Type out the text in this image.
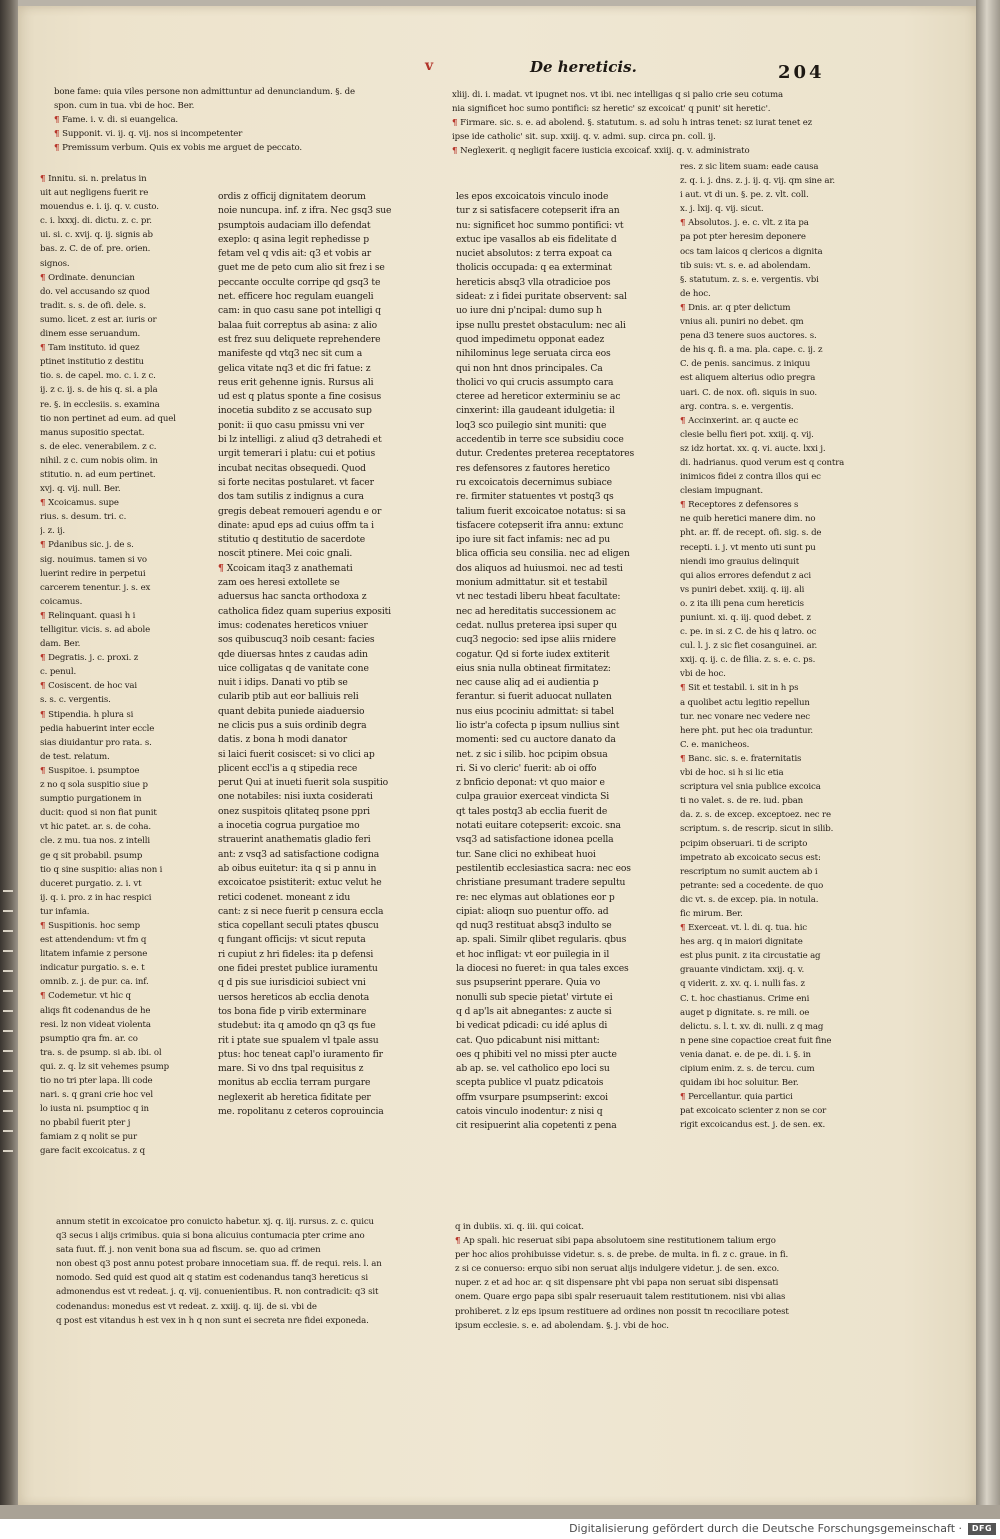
v	De hereticis.	204

bone fame: quia viles persone non admittuntur ad denunciandum. §. de

spon. cum in tua. vbi de hoc. Ber.

¶ Fame. i. v. di. si euangelica.

¶ Supponit. vi. ij. q. vij. nos si incompetenter

¶ Premissum verbum. Quis ex vobis me arguet de peccato.

xliij. di. i. madat. vt ipugnet nos. vt ibi. nec intelligas q si palio crie seu cotuma

nia significet hoc sumo pontifici: sz heretic' sz excoicat' q punit' sit heretic'.

¶ Firmare. sic. s. e. ad abolend. §. statutum. s. ad solu h intras tenet: sz iurat tenet ez

ipse ide catholic' sit. sup. xxiij. q. v. admi. sup. circa pn. coll. ij.

¶ Neglexerit. q negligit facere iusticia excoicaf. xxiij. q. v. administrato

¶ Innitu. si. n. prelatus in

uit aut negligens fuerit re

mouendus e. i. ij. q. v. custo.

c. i. lxxxj. di. dictu. z. c. pr.

ui. si. c. xvij. q. ij. signis ab

bas. z. C. de of. pre. orien.

signos.

¶ Ordinate. denuncian

do. vel accusando sz quod

tradit. s. s. de ofi. dele. s.

sumo. licet. z est ar. iuris or

dinem esse seruandum.

¶ Tam instituto. id quez

ptinet institutio z destitu

tio. s. de capel. mo. c. i. z c.

ij. z c. ij. s. de his q. si. a pla

re. §. in ecclesiis. s. examina

tio non pertinet ad eum. ad quel

manus supositio spectat.

s. de elec. venerabilem. z c.

nihil. z c. cum nobis olim. in

stitutio. n. ad eum pertinet.

xvj. q. vij. null. Ber.

¶ Xcoicamus. supe

rius. s. desum. tri. c.

j. z. ij.

¶ Pdanibus sic. j. de s.

sig. nouimus. tamen si vo

luerint redire in perpetui

carcerem tenentur. j. s. ex

coicamus.

¶ Relinquant. quasi h i

telligitur. vicis. s. ad abole

dam. Ber.

¶ Degratis. j. c. proxi. z

c. penul.

¶ Cosiscent. de hoc vai

s. s. c. vergentis.

¶ Stipendia. h plura si

pedia habuerint inter eccle

sias diuidantur pro rata. s.

de test. relatum.

¶ Suspitoe. i. psumptoe

z no q sola suspitio siue p

sumptio purgationem in

ducit: quod si non fiat punit

vt hic patet. ar. s. de coha.

cle. z mu. tua nos. z intelli

ge q sit probabil. psump

tio q sine suspitio: alias non i

duceret purgatio. z. i. vt

ij. q. i. pro. z in hac respici

tur infamia.

¶ Suspitionis. hoc semp

est attendendum: vt fm q

litatem infamie z persone

indicatur purgatio. s. e. t

omnib. z. j. de pur. ca. inf.

¶ Codemetur. vt hic q

aliqs fit codenandus de he

resi. lz non videat violenta

psumptio qra fm. ar. co

tra. s. de psump. si ab. ibi. ol

qui. z. q. lz sit vehemes psump

tio no tri pter lapa. lli code

nari. s. q grani crie hoc vel

lo iusta ni. psumptioc q in

no pbabil fuerit pter j

famiam z q nolit se pur

gare facit excoicatus. z q

ordis z officij dignitatem deorum

noie nuncupa. inf. z ifra. Nec gsq3 sue

psumptois audaciam illo defendat

exeplo: q asina legit rephedisse p

fetam vel q vdis ait: q3 et vobis ar

guet me de peto cum alio sit frez i se

peccante occulte corripe qd gsq3 te

net. efficere hoc regulam euangeli

cam: in quo casu sane pot intelligi q

balaa fuit correptus ab asina: z alio

est frez suu deliquete reprehendere

manifeste qd vtq3 nec sit cum a

gelica vitate nq3 et dic fri fatue: z

reus erit gehenne ignis. Rursus ali

ud est q platus sponte a fine cosisus

inocetia subdito z se accusato sup

ponit: ii quo casu pmissu vni ver

bi lz intelligi. z aliud q3 detrahedi et

urgit temerari i platu: cui et potius

incubat necitas obsequedi. Quod

si forte necitas postularet. vt facer

dos tam sutilis z indignus a cura

gregis debeat remoueri agendu e or

dinate: apud eps ad cuius offm ta i

stitutio q destitutio de sacerdote

noscit ptinere. Mei coic gnali.

¶ Xcoicam itaq3 z anathemati

zam oes heresi extollete se

aduersus hac sancta orthodoxa z

catholica fidez quam superius expositi

imus: codenates hereticos vniuer

sos quibuscuq3 noib cesant: facies

qde diuersas hntes z caudas adin

uice colligatas q de vanitate cone

nuit i idips. Danati vo ptib se

cularib ptib aut eor balliuis reli

quant debita puniede aiaduersio

ne clicis pus a suis ordinib degra

datis. z bona h modi danator

si laici fuerit cosiscet: si vo clici ap

plicent eccl'is a q stipedia rece

perut Qui at inueti fuerit sola suspitio

one notabiles: nisi iuxta cosiderati

onez suspitois qlitateq psone ppri

a inocetia cogrua purgatioe mo

strauerint anathematis gladio feri

ant: z vsq3 ad satisfactione codigna

ab oibus euitetur: ita q si p annu in

excoicatoe psistiterit: extuc velut he

retici codenet. moneant z idu

cant: z si nece fuerit p censura eccla

stica copellant seculi ptates qbuscu

q fungant officijs: vt sicut reputa

ri cupiut z hri fideles: ita p defensi

one fidei prestet publice iuramentu

q d pis sue iurisdicioi subiect vni

uersos hereticos ab ecclia denota

tos bona fide p virib exterminare

studebut: ita q amodo qn q3 qs fue

rit i ptate sue spualem vl tpale assu

ptus: hoc teneat capl'o iuramento fir

mare. Si vo dns tpal requisitus z

monitus ab ecclia terram purgare

neglexerit ab heretica fiditate per

me. ropolitanu z ceteros coprouincia

les epos excoicatois vinculo inode

tur z si satisfacere cotepserit ifra an

nu: significet hoc summo pontifici: vt

extuc ipe vasallos ab eis fidelitate d

nuciet absolutos: z terra expoat ca

tholicis occupada: q ea exterminat

hereticis absq3 vlla otradicioe pos

sideat: z i fidei puritate observent: sal

uo iure dni p'ncipal: dumo sup h

ipse nullu prestet obstaculum: nec ali

quod impedimetu opponat eadez

nihilominus lege seruata circa eos

qui non hnt dnos principales. Ca

tholici vo qui crucis assumpto cara

cteree ad hereticor exterminiu se ac

cinxerint: illa gaudeant idulgetia: il

loq3 sco puilegio sint muniti: que

accedentib in terre sce subsidiu coce

dutur. Credentes preterea receptatores

res defensores z fautores heretico

ru excoicatois decernimus subiace

re. firmiter statuentes vt postq3 qs

talium fuerit excoicatoe notatus: si sa

tisfacere cotepserit ifra annu: extunc

ipo iure sit fact infamis: nec ad pu

blica officia seu consilia. nec ad eligen

dos aliquos ad huiusmoi. nec ad testi

monium admittatur. sit et testabil

vt nec testadi liberu hbeat facultate:

nec ad hereditatis successionem ac

cedat. nullus preterea ipsi super qu

cuq3 negocio: sed ipse aliis rnidere

cogatur. Qd si forte iudex extiterit

eius snia nulla obtineat firmitatez:

nec cause aliq ad ei audientia p

ferantur. si fuerit aduocat nullaten

nus eius pcociniu admittat: si tabel

lio istr'a cofecta p ipsum nullius sint

momenti: sed cu auctore danato da

net. z sic i silib. hoc pcipim obsua

ri. Si vo cleric' fuerit: ab oi offo

z bnficio deponat: vt quo maior e

culpa grauior exerceat vindicta Si

qt tales postq3 ab ecclia fuerit de

notati euitare cotepserit: excoic. sna

vsq3 ad satisfactione idonea pcella

tur. Sane clici no exhibeat huoi

pestilentib ecclesiastica sacra: nec eos

christiane presumant tradere sepultu

re: nec elymas aut oblationes eor p

cipiat: alioqn suo puentur offo. ad

qd nuq3 restituat absq3 indulto se

ap. spali. Similr qlibet regularis. qbus

et hoc infligat: vt eor puilegia in il

la diocesi no fueret: in qua tales exces

sus psupserint pperare. Quia vo

nonulli sub specie pietat' virtute ei

q d ap'ls ait abnegantes: z aucte si

bi vedicat pdicadi: cu idé aplus di

cat. Quo pdicabunt nisi mittant:

oes q phibiti vel no missi pter aucte

ab ap. se. vel catholico epo loci su

scepta publice vl puatz pdicatois

offm vsurpare psumpserint: excoi

catois vinculo inodentur: z nisi q

cit resipuerint alia copetenti z pena

res. z sic litem suam: eade causa

z. q. i. j. dns. z. j. ij. q. vij. qm sine ar.

i aut. vt di un. §. pe. z. vlt. coll.

x. j. lxij. q. vij. sicut.

¶ Absolutos. j. e. c. vlt. z ita pa

pa pot pter heresim deponere

ocs tam laicos q clericos a dignita

tib suis: vt. s. e. ad abolendam.

§. statutum. z. s. e. vergentis. vbi

de hoc.

¶ Dnis. ar. q pter delictum

vnius ali. puniri no debet. qm

pena d3 tenere suos auctores. s.

de his q. fi. a ma. pla. cape. c. ij. z

C. de penis. sancimus. z iniquu

est aliquem alterius odio pregra

uari. C. de nox. ofi. siquis in suo.

arg. contra. s. e. vergentis.

¶ Accinxerint. ar. q aucte ec

clesie bellu fieri pot. xxiij. q. vij.

sz idz hortat. xx. q. vi. aucte. lxxi j.

di. hadrianus. quod verum est q contra

inimicos fidei z contra illos qui ec

clesiam impugnant.

¶ Receptores z defensores s

ne quib heretici manere dim. no

pht. ar. ff. de recept. ofi. sig. s. de

recepti. i. j. vt mento uti sunt pu

niendi imo grauius delinquit

qui alios errores defendut z aci

vs puniri debet. xxiij. q. iij. ali

o. z ita illi pena cum hereticis

puniunt. xi. q. iij. quod debet. z

c. pe. in si. z C. de his q latro. oc

cul. l. j. z sic fiet cosanguinei. ar.

xxij. q. ij. c. de filia. z. s. e. c. ps.

vbi de hoc.

¶ Sit et testabil. i. sit in h ps

a quolibet actu legitio repellun

tur. nec vonare nec vedere nec

here pht. put hec oia traduntur.

C. e. manicheos.

¶ Banc. sic. s. e. fraternitatis

vbi de hoc. si h si lic etia

scriptura vel snia publice excoica

ti no valet. s. de re. iud. pban

da. z. s. de excep. exceptoez. nec re

scriptum. s. de rescrip. sicut in silib.

pcipim obseruari. ti de scripto

impetrato ab excoicato secus est:

rescriptum no sumit auctem ab i

petrante: sed a cocedente. de quo

dic vt. s. de excep. pia. in notula.

fic mirum. Ber.

¶ Exerceat. vt. l. di. q. tua. hic

hes arg. q in maiori dignitate

est plus punit. z ita circustatie ag

grauante vindictam. xxij. q. v.

q viderit. z. xv. q. i. nulli fas. z

C. t. hoc chastianus. Crime eni

auget p dignitate. s. re mili. oe

delictu. s. l. t. xv. di. nulli. z q mag

n pene sine copactioe creat fuit fine

venia danat. e. de pe. di. i. §. in

cipium enim. z. s. de tercu. cum

quidam ibi hoc soluitur. Ber.

¶ Percellantur. quia partici

pat excoicato scienter z non se cor

rigit excoicandus est. j. de sen. ex.

annum stetit in excoicatoe pro conuicto habetur. xj. q. iij. rursus. z. c. quicu

q3 secus i alijs crimibus. quia si bona alicuius contumacia pter crime ano

sata fuut. ff. j. non venit bona sua ad fiscum. se. quo ad crimen

non obest q3 post annu potest probare innocetiam sua. ff. de requi. reis. l. an

nomodo. Sed quid est quod ait q statim est codenandus tanq3 hereticus si

admonendus est vt redeat. j. q. vij. conuenientibus. R. non contradicit: q3 sit

codenandus: monedus est vt redeat. z. xxiij. q. iij. de si. vbi de

q post est vitandus h est vex in h q non sunt ei secreta nre fidei exponeda.

q in dubiis. xi. q. iii. qui coicat.

¶ Ap spali. hic reseruat sibi papa absolutoem sine restitutionem talium ergo

per hoc alios prohibuisse videtur. s. s. de prebe. de multa. in fi. z c. graue. in fi.

z si ce conuerso: erquo sibi non seruat alijs indulgere videtur. j. de sen. exco.

nuper. z et ad hoc ar. q sit dispensare pht vbi papa non seruat sibi dispensati

onem. Quare ergo papa sibi spalr reseruauit talem restitutionem. nisi vbi alias

prohiberet. z lz eps ipsum restituere ad ordines non possit tn recociliare potest

ipsum ecclesie. s. e. ad abolendam. §. j. vbi de hoc.

Digitalisierung gefördert durch die Deutsche Forschungsgemeinschaft ·	DFG
